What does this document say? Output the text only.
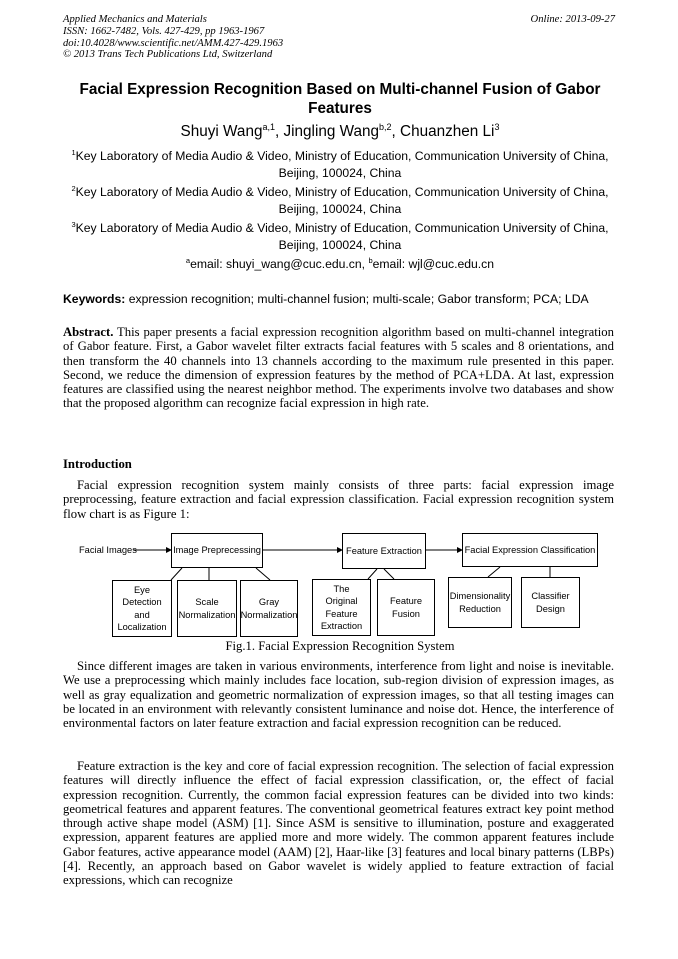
Applied Mechanics and Materials
ISSN: 1662-7482, Vols. 427-429, pp 1963-1967
doi:10.4028/www.scientific.net/AMM.427-429.1963
© 2013 Trans Tech Publications Ltd, Switzerland
Online: 2013-09-27
Facial Expression Recognition Based on Multi-channel Fusion of Gabor Features
Shuyi Wang$^{a,1}$, Jingling Wang$^{b,2}$, Chuanzhen Li$^3$
$^1$Key Laboratory of Media Audio & Video, Ministry of Education, Communication University of China,
Beijing, 100024, China
$^2$Key Laboratory of Media Audio & Video, Ministry of Education, Communication University of China,
Beijing, 100024, China
$^3$Key Laboratory of Media Audio & Video, Ministry of Education, Communication University of China,
Beijing, 100024, China
$^a$email: shuyi_wang@cuc.edu.cn, $^b$email: wjl@cuc.edu.cn
Keywords: expression recognition; multi-channel fusion; multi-scale; Gabor transform; PCA; LDA
Abstract. This paper presents a facial expression recognition algorithm based on multi-channel integration of Gabor feature. First, a Gabor wavelet filter extracts facial features with 5 scales and 8 orientations, and then transform the 40 channels into 13 channels according to the maximum rule presented in this paper. Second, we reduce the dimension of expression features by the method of PCA+LDA. At last, expression features are classified using the nearest neighbor method. The experiments involve two databases and show that the proposed algorithm can recognize facial expression in high rate.
Introduction
Facial expression recognition system mainly consists of three parts: facial expression image preprocessing, feature extraction and facial expression classification. Facial expression recognition system flow chart is as Figure 1:
Facial Images	Image Preprecessing	Feature Extraction	Facial Expression Classification
Eye Detection and Localization
Scale Normalization
Gray Normalization
The Original Feature Extraction
Feature Fusion
Dimensionality Reduction
Classifier Design
Fig.1. Facial Expression Recognition System
Since different images are taken in various environments, interference from light and noise is inevitable. We use a preprocessing which mainly includes face location, sub-region division of expression images, as well as gray equalization and geometric normalization of expression images, so that all testing images can be located in an environment with relevantly consistent luminance and noise dot. Hence, the interference of environmental factors on later feature extraction and facial expression recognition can be reduced.
Feature extraction is the key and core of facial expression recognition. The selection of facial expression features will directly influence the effect of facial expression classification, or, the effect of facial expression recognition. Currently, the common facial expression features can be divided into two kinds: geometrical features and apparent features. The conventional geometrical features extract key point method through active shape model (ASM) [1]. Since ASM is sensitive to illumination, posture and exaggerated expression, apparent features are applied more and more widely. The common apparent features include Gabor features, active appearance model (AAM) [2], Haar-like [3] features and local binary patterns (LBPs) [4]. Recently, an approach based on Gabor wavelet is widely applied to feature extraction of facial expressions, which can recognize
